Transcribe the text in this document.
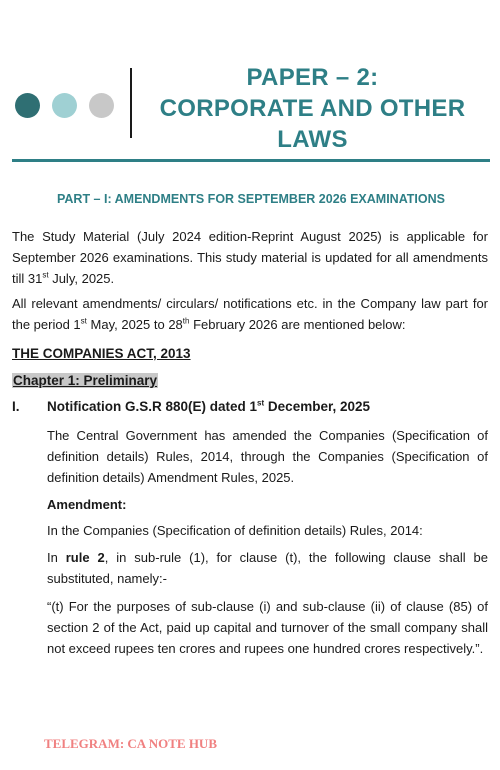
PAPER – 2:
CORPORATE AND OTHER
LAWS
PART – I: AMENDMENTS FOR SEPTEMBER 2026 EXAMINATIONS

The Study Material (July 2024 edition-Reprint August 2025) is applicable for September 2026 examinations. This study material is updated for all amendments till 31st July, 2025.

All relevant amendments/ circulars/ notifications etc. in the Company law part for the period 1st May, 2025 to 28th February 2026 are mentioned below:

THE COMPANIES ACT, 2013

Chapter 1: Preliminary

I. Notification G.S.R 880(E) dated 1st December, 2025

The Central Government has amended the Companies (Specification of definition details) Rules, 2014, through the Companies (Specification of definition details) Amendment Rules, 2025.

Amendment:

In the Companies (Specification of definition details) Rules, 2014:

In rule 2, in sub-rule (1), for clause (t), the following clause shall be substituted, namely:-

“(t) For the purposes of sub-clause (i) and sub-clause (ii) of clause (85) of section 2 of the Act, paid up capital and turnover of the small company shall not exceed rupees ten crores and rupees one hundred crores respectively.”.

TELEGRAM: CA NOTE HUB
